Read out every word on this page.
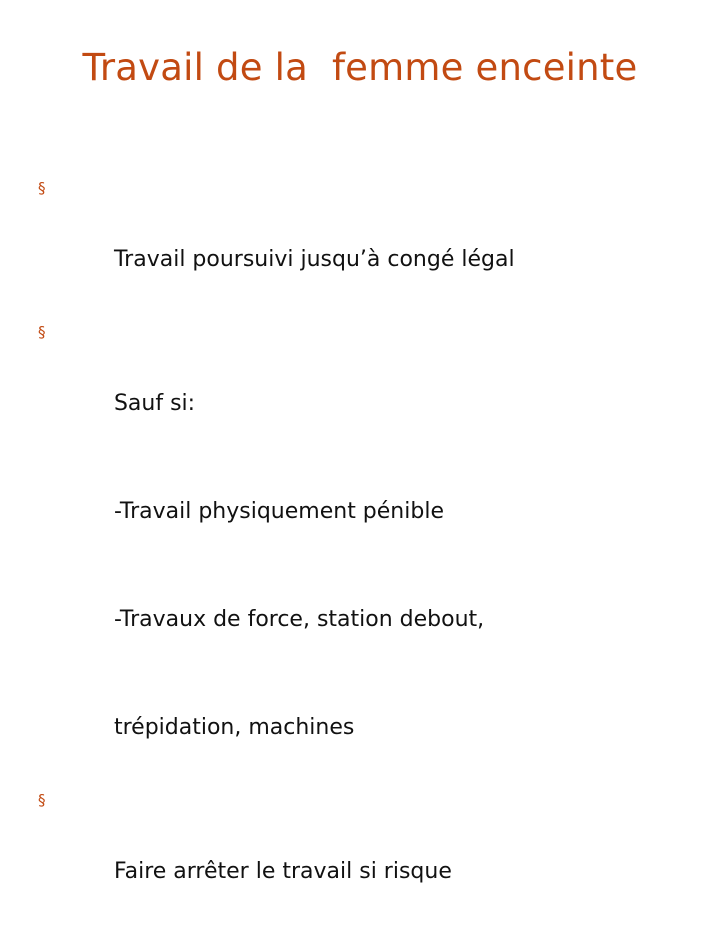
Travail de la  femme enceinte

§

Travail poursuivi jusqu’à congé légal

§

Sauf si:

-Travail physiquement pénible

-Travaux de force, station debout,

trépidation, machines

§

Faire arrêter le travail si risque
